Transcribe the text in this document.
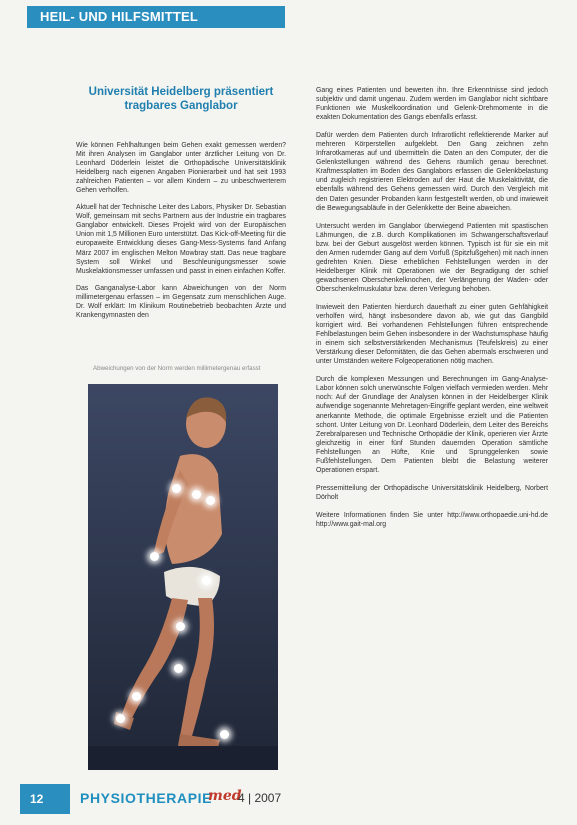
HEIL- UND HILFSMITTEL
Universität Heidelberg präsentiert
tragbares Ganglabor

Wie können Fehlhaltungen beim Gehen exakt gemessen werden? Mit ihren Analysen im Ganglabor unter ärztlicher Leitung von Dr. Leonhard Döderlein leistet die Orthopädische Universitätsklinik Heidelberg nach eigenen Angaben Pionierarbeit und hat seit 1993 zahlreichen Patienten – vor allem Kindern – zu unbeschwerterem Gehen verholfen.

Aktuell hat der Technische Leiter des Labors, Physiker Dr. Sebastian Wolf, gemeinsam mit sechs Partnern aus der Industrie ein tragbares Ganglabor entwickelt. Dieses Projekt wird von der Europäischen Union mit 1,5 Millionen Euro unterstützt. Das Kick-off-Meeting für die europaweite Entwicklung dieses Gang-Mess-Systems fand Anfang März 2007 im englischen Melton Mowbray statt. Das neue tragbare System soll Winkel und Beschleunigungsmesser sowie Muskelaktionsmesser umfassen und passt in einen einfachen Koffer.

Das Ganganalyse-Labor kann Abweichungen von der Norm millimetergenau erfassen – im Gegensatz zum menschlichen Auge. Dr. Wolf erklärt: Im Klinikum Routinebetrieb beobachten Ärzte und Krankengymnasten den

Abweichungen von der Norm werden millimetergenau erfasst

Gang eines Patienten und bewerten ihn. Ihre Erkenntnisse sind jedoch subjektiv und damit ungenau. Zudem werden im Ganglabor nicht sichtbare Funktionen wie Muskelkoordination und Gelenk-Drehmomente in die exakten Dokumentation des Gangs ebenfalls erfasst.

Dafür werden dem Patienten durch Infrarotlicht reflektierende Marker auf mehreren Körperstellen aufgeklebt. Den Gang zeichnen zehn Infrarotkameras auf und übermitteln die Daten an den Computer, der die Gelenkstellungen während des Gehens räumlich genau berechnet. Kraftmessplatten im Boden des Ganglabors erfassen die Gelenkbelastung und zugleich registrieren Elektroden auf der Haut die Muskelaktivität, die ebenfalls während des Gehens gemessen wird. Durch den Vergleich mit den Daten gesunder Probanden kann festgestellt werden, ob und inwieweit die Bewegungsabläufe in der Gelenkkette der Beine abweichen.

Untersucht werden im Ganglabor überwiegend Patienten mit spastischen Lähmungen, die z.B. durch Komplikationen im Schwangerschaftsverlauf bzw. bei der Geburt ausgelöst werden können. Typisch ist für sie ein mit den Armen rudernder Gang auf dem Vorfuß (Spitzfußgehen) mit nach innen gedrehten Knien. Diese erheblichen Fehlstellungen werden in der Heidelberger Klinik mit Operationen wie der Begradigung der schief gewachsenen Oberschenkelknochen, der Verlängerung der Waden- oder Oberschenkelmuskulatur bzw. deren Verlegung behoben.

Inwieweit den Patienten hierdurch dauerhaft zu einer guten Gehfähigkeit verholfen wird, hängt insbesondere davon ab, wie gut das Gangbild korrigiert wird. Bei vorhandenen Fehlstellungen führen entsprechende Fehlbelastungen beim Gehen insbesondere in der Wachstumsphase häufig in einem sich selbstverstärkenden Mechanismus (Teufelskreis) zu einer Verstärkung dieser Deformitäten, die das Gehen abermals erschweren und unter Umständen weitere Folgeoperationen nötig machen.

Durch die komplexen Messungen und Berechnungen im Gang-Analyse-Labor können solch unerwünschte Folgen vielfach vermieden werden. Mehr noch: Auf der Grundlage der Analysen können in der Heidelberger Klinik aufwendige sogenannte Mehretagen-Eingriffe geplant werden, eine weltweit anerkannte Methode, die optimale Ergebnisse erzielt und die Patienten schont. Unter Leitung von Dr. Leonhard Döderlein, dem Leiter des Bereichs Zerebralparesen und Technische Orthopädie der Klinik, operieren vier Ärzte gleichzeitig in einer fünf Stunden dauernden Operation sämtliche Fehlstellungen an Hüfte, Knie und Sprunggelenken sowie Fußfehlstellungen. Dem Patienten bleibt die Belastung weiterer Operationen erspart.

Pressemitteilung der Orthopädische Universitätsklinik Heidelberg, Norbert Dörholt

Weitere Informationen finden Sie unter http://www.orthopaedie.uni-hd.de http://www.gait-mal.org

12	PHYSIOTHERAPIE
med
4 | 2007
